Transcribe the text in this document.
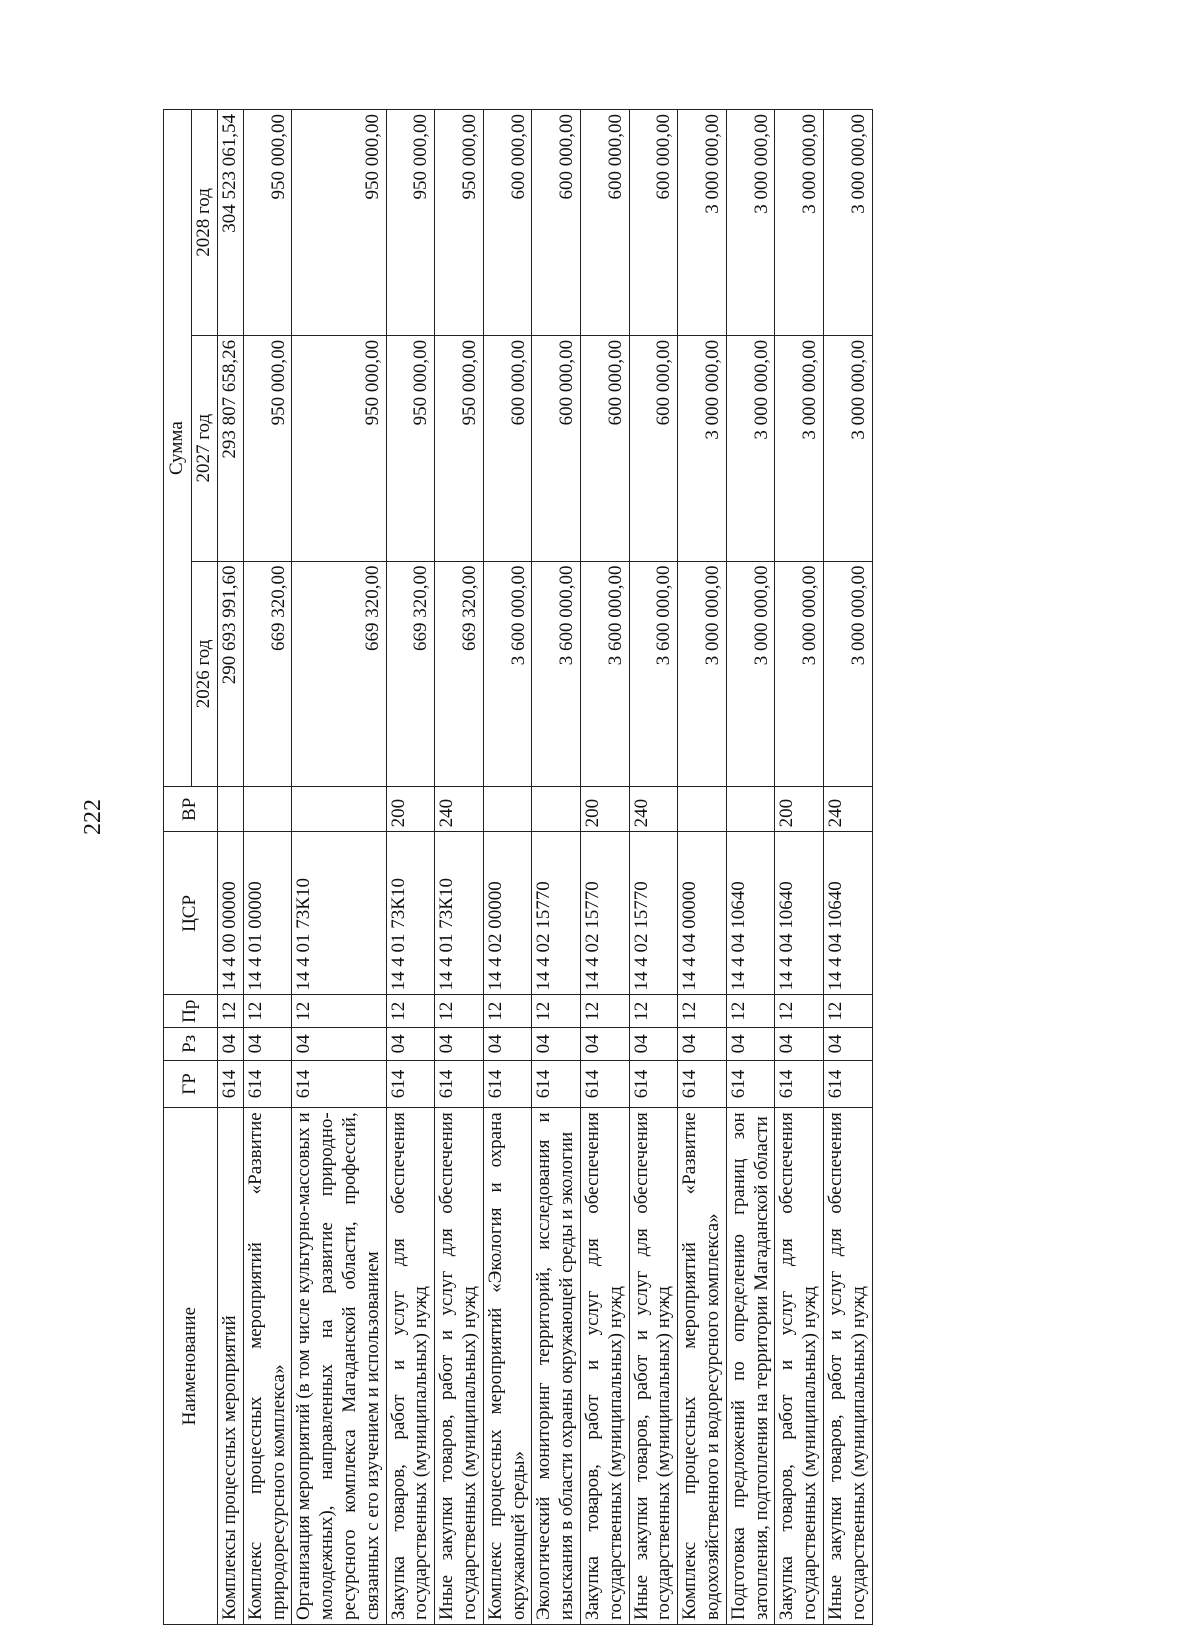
222
Наименование	ГР	Рз	Пр	ЦСР	ВР	Сумма		
						2026 год	2027 год	2028 год
Комплексы процессных мероприятий	614	04	12	14 4 00 00000		290 693 991,60	293 807 658,26	304 523 061,54
Комплекс процессных мероприятий «Развитие природоресурсного комплекса»	614	04	12	14 4 01 00000		669 320,00	950 000,00	950 000,00
Организация мероприятий (в том числе культурно-массовых и молодежных), направленных на развитие природно-ресурсного комплекса Магаданской области, профессий, связанных с его изучением и использованием	614	04	12	14 4 01 73К10		669 320,00	950 000,00	950 000,00
Закупка товаров, работ и услуг для обеспечения государственных (муниципальных) нужд	614	04	12	14 4 01 73К10	200	669 320,00	950 000,00	950 000,00
Иные закупки товаров, работ и услуг для обеспечения государственных (муниципальных) нужд	614	04	12	14 4 01 73К10	240	669 320,00	950 000,00	950 000,00
Комплекс процессных мероприятий «Экология и охрана окружающей среды»	614	04	12	14 4 02 00000		3 600 000,00	600 000,00	600 000,00
Экологический мониторинг территорий, исследования и изыскания в области охраны окружающей среды и экологии	614	04	12	14 4 02 15770		3 600 000,00	600 000,00	600 000,00
Закупка товаров, работ и услуг для обеспечения государственных (муниципальных) нужд	614	04	12	14 4 02 15770	200	3 600 000,00	600 000,00	600 000,00
Иные закупки товаров, работ и услуг для обеспечения государственных (муниципальных) нужд	614	04	12	14 4 02 15770	240	3 600 000,00	600 000,00	600 000,00
Комплекс процессных мероприятий «Развитие водохозяйственного и водоресурсного комплекса»	614	04	12	14 4 04 00000		3 000 000,00	3 000 000,00	3 000 000,00
Подготовка предложений по определению границ зон затопления, подтопления на территории Магаданской области	614	04	12	14 4 04 10640		3 000 000,00	3 000 000,00	3 000 000,00
Закупка товаров, работ и услуг для обеспечения государственных (муниципальных) нужд	614	04	12	14 4 04 10640	200	3 000 000,00	3 000 000,00	3 000 000,00
Иные закупки товаров, работ и услуг для обеспечения государственных (муниципальных) нужд	614	04	12	14 4 04 10640	240	3 000 000,00	3 000 000,00	3 000 000,00
